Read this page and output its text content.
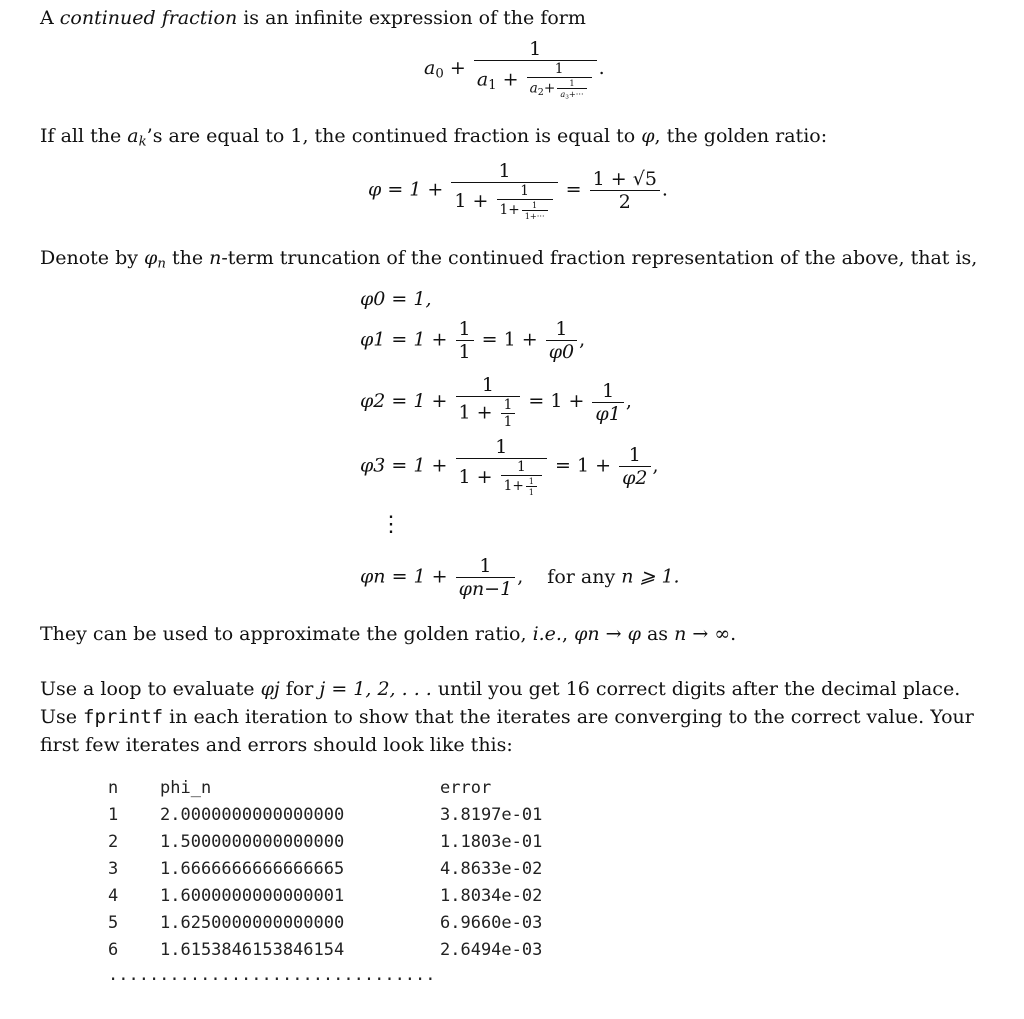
A continued fraction is an infinite expression of the form
$a_0 + \frac{1}{a_1 + \frac{1}{a_2+ \frac{1}{a_3+\cdot\cdot\cdot}}}$ .
If all the $a_k’s$ are equal to 1, the continued fraction is equal to φ, the golden ratio:
$\varphi = 1 + \frac{1}{1 + \frac{1}{1+ \frac{1}{1+\cdot\cdot\cdot}}} = \frac{1 + √5}{2}$ .
Denote by $\varphi_n$ the n-term truncation of the continued fraction representation of the above, that is,
φ0 = 1,
$\varphi 1 = 1 + \frac{1}{1} = 1 + \frac{1}{\varphi 0}$ ,
$\varphi 2 = 1 + \frac{1}{1 + \frac{1}{1}} = 1 + \frac{1}{\varphi 1}$ ,
$\varphi 3 = 1 + \frac{1}{1 + \frac{1}{1+ \frac{1}{1}}} = 1 + \frac{1}{\varphi 2}$ ,
⋮
$\varphi n = 1 + \frac{1}{\varphi n-1}$ , for any n ⩾ 1.
They can be used to approximate the golden ratio, i.e., φn → φ as n → ∞.
Use a loop to evaluate φj for j = 1, 2, . . . until you get 16 correct digits after the decimal place. Use fprintf in each iteration to show that the iterates are converging to the correct value. Your first few iterates and errors should look like this:
n	phi_n	error
1	2.0000000000000000	3.8197e-01
2	1.5000000000000000	1.1803e-01
3	1.6666666666666665	4.8633e-02
4	1.6000000000000001	1.8034e-02
5	1.6250000000000000	6.9660e-03
6	1.6153846153846154	2.6494e-03
................................
